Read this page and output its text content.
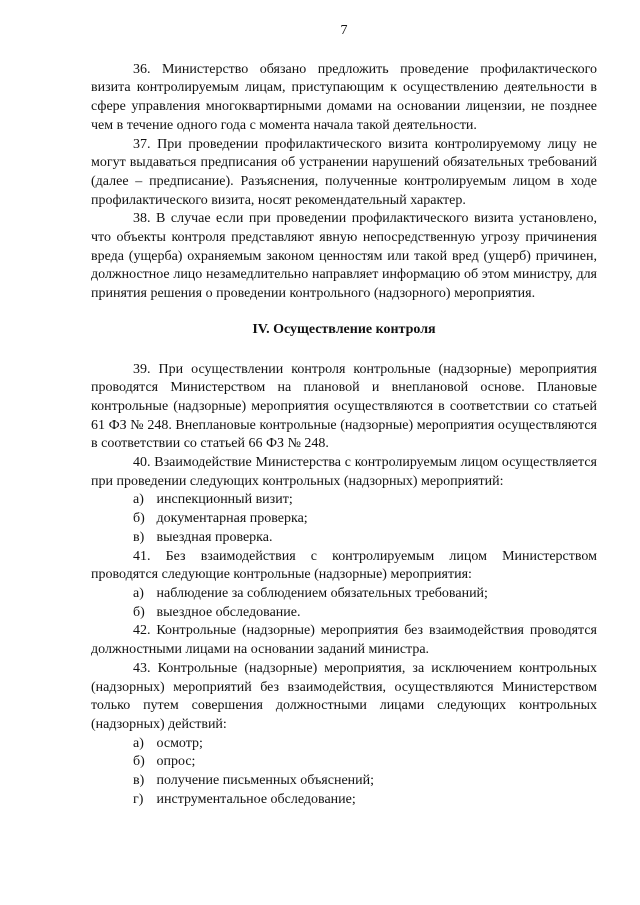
7

36. Министерство обязано предложить проведение профилактического визита контролируемым лицам, приступающим к осуществлению деятельности в сфере управления многоквартирными домами на основании лицензии, не позднее чем в течение одного года с момента начала такой деятельности.

37. При проведении профилактического визита контролируемому лицу не могут выдаваться предписания об устранении нарушений обязательных требований (далее – предписание). Разъяснения, полученные контролируемым лицом в ходе профилактического визита, носят рекомендательный характер.

38. В случае если при проведении профилактического визита установлено, что объекты контроля представляют явную непосредственную угрозу причинения вреда (ущерба) охраняемым законом ценностям или такой вред (ущерб) причинен, должностное лицо незамедлительно направляет информацию об этом министру, для принятия решения о проведении контрольного (надзорного) мероприятия.

IV. Осуществление контроля

39. При осуществлении контроля контрольные (надзорные) мероприятия проводятся Министерством на плановой и внеплановой основе. Плановые контрольные (надзорные) мероприятия осуществляются в соответствии со статьей 61 ФЗ № 248. Внеплановые контрольные (надзорные) мероприятия осуществляются в соответствии со статьей 66 ФЗ № 248.

40. Взаимодействие Министерства с контролируемым лицом осуществляется при проведении следующих контрольных (надзорных) мероприятий:

а) инспекционный визит;

б) документарная проверка;

в) выездная проверка.

41. Без взаимодействия с контролируемым лицом Министерством проводятся следующие контрольные (надзорные) мероприятия:

а) наблюдение за соблюдением обязательных требований;

б) выездное обследование.

42. Контрольные (надзорные) мероприятия без взаимодействия проводятся должностными лицами на основании заданий министра.

43. Контрольные (надзорные) мероприятия, за исключением контрольных (надзорных) мероприятий без взаимодействия, осуществляются Министерством только путем совершения должностными лицами следующих контрольных (надзорных) действий:

а) осмотр;

б) опрос;

в) получение письменных объяснений;

г) инструментальное обследование;
